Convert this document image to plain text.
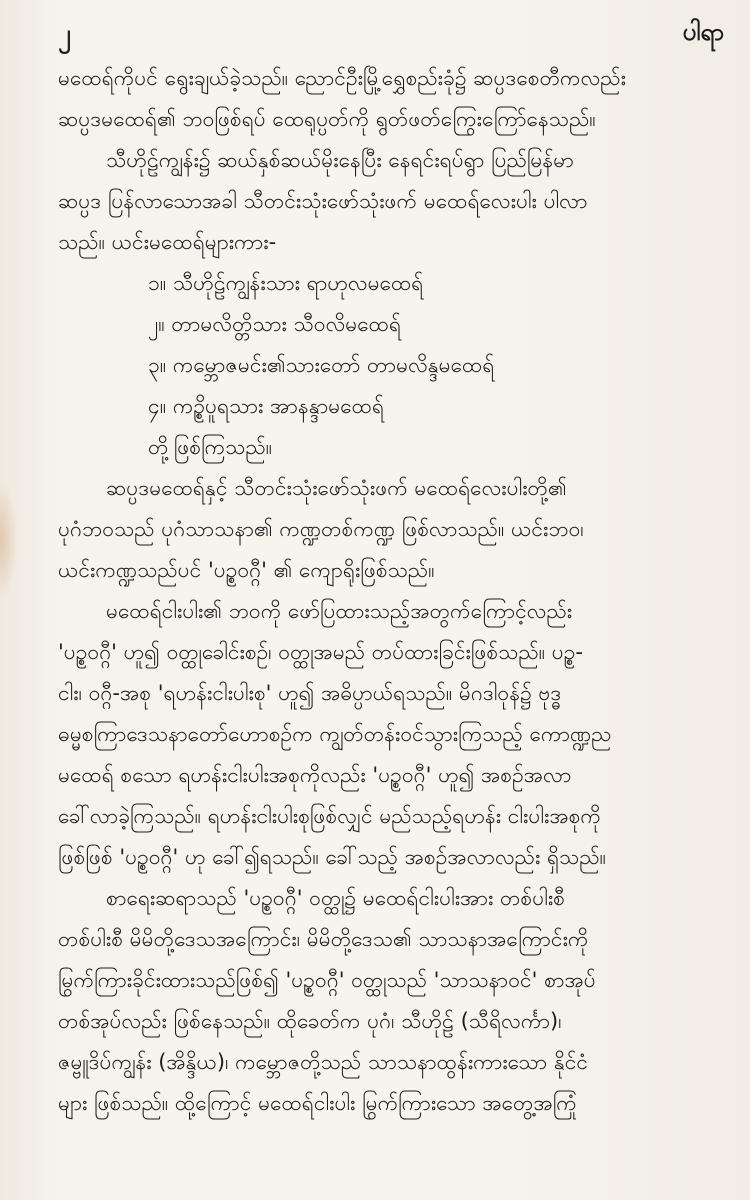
၂	ပါရာ
မထေရ်ကိုပင် ရွေးချယ်ခဲ့သည်။ ညောင်ဦးမြို့ရွှေစည်းခုံ၌ ဆပ္ပဒစေတီကလည်း
ဆပ္ပဒမထေရ်၏ ဘဝဖြစ်ရပ် ထေရုပ္ပတ်ကို ရွတ်ဖတ်ကြွေးကြော်နေသည်။
သီဟိုဠ်ကျွန်း၌ ဆယ်နှစ်ဆယ်မိုးနေပြီး နေရင်းရပ်ရွာ ပြည်မြန်မာ
ဆပ္ပဒ ပြန်လာသောအခါ သီတင်းသုံးဖော်သုံးဖက် မထေရ်လေးပါး ပါလာ
သည်။ ယင်းမထေရ်များကား-
၁။ သီဟိုဠ်ကျွန်းသား ရာဟုလမထေရ်
၂။ တာမလိတ္တိသား သီဝလိမထေရ်
၃။ ကမ္ဘောဇမင်း၏သားတော် တာမလိန္ဒမထေရ်
၄။ ကဉ္စိပူရသား အာနန္ဒာမထေရ်
တို့ဖြစ်ကြသည်။
ဆပ္ပဒမထေရ်နှင့် သီတင်းသုံးဖော်သုံးဖက် မထေရ်လေးပါးတို့၏
ပုဂံဘဝသည် ပုဂံသာသနာ၏ ကဏ္ဍတစ်ကဏ္ဍ ဖြစ်လာသည်။ ယင်းဘဝ၊
ယင်းကဏ္ဍသည်ပင် 'ပဉ္စဝဂ္ဂီ' ၏ ကျောရိုးဖြစ်သည်။
မထေရ်ငါးပါး၏ ဘဝကို ဖော်ပြထားသည့်အတွက်ကြောင့်လည်း
'ပဉ္စဝဂ္ဂီ' ဟူ၍ ဝတ္ထုခေါင်းစဉ်၊ ဝတ္ထုအမည် တပ်ထားခြင်းဖြစ်သည်။ ပဉ္စ-
ငါး၊ ဝဂ္ဂီ-အစု 'ရဟန်းငါးပါးစု' ဟူ၍ အဓိပ္ပာယ်ရသည်။ မိဂဒါဝုန်၌ ဗုဒ္ဓ
ဓမ္မစကြာဒေသနာတော်ဟောစဉ်က ကျွတ်တန်းဝင်သွားကြသည့် ကောဏ္ဍည
မထေရ် စသော ရဟန်းငါးပါးအစုကိုလည်း 'ပဉ္စဝဂ္ဂီ' ဟူ၍ အစဉ်အလာ
ခေါ်လာခဲ့ကြသည်။ ရဟန်းငါးပါးစုဖြစ်လျှင် မည်သည့်ရဟန်း ငါးပါးအစုကို
ဖြစ်ဖြစ် 'ပဉ္စဝဂ္ဂီ' ဟု ခေါ်၍ရသည်။ ခေါ်သည့် အစဉ်အလာလည်း ရှိသည်။
စာရေးဆရာသည် 'ပဉ္စဝဂ္ဂီ' ဝတ္ထု၌ မထေရ်ငါးပါးအား တစ်ပါးစီ
တစ်ပါးစီ မိမိတို့ဒေသအကြောင်း၊ မိမိတို့ဒေသ၏ သာသနာအကြောင်းကို
မြွက်ကြားခိုင်းထားသည်ဖြစ်၍ 'ပဉ္စဝဂ္ဂီ' ဝတ္ထုသည် 'သာသနာဝင်' စာအုပ်
တစ်အုပ်လည်း ဖြစ်နေသည်။ ထိုခေတ်က ပုဂံ၊ သီဟိုဠ် (သီရိလင်္ကာ)၊
ဇမ္ဗူဒိပ်ကျွန်း (အိန္ဒိယ)၊ ကမ္ဘောဇတို့သည် သာသနာထွန်းကားသော နိုင်ငံ
များ ဖြစ်သည်။ ထို့ကြောင့် မထေရ်ငါးပါး မြွက်ကြားသော အတွေ့အကြုံ
